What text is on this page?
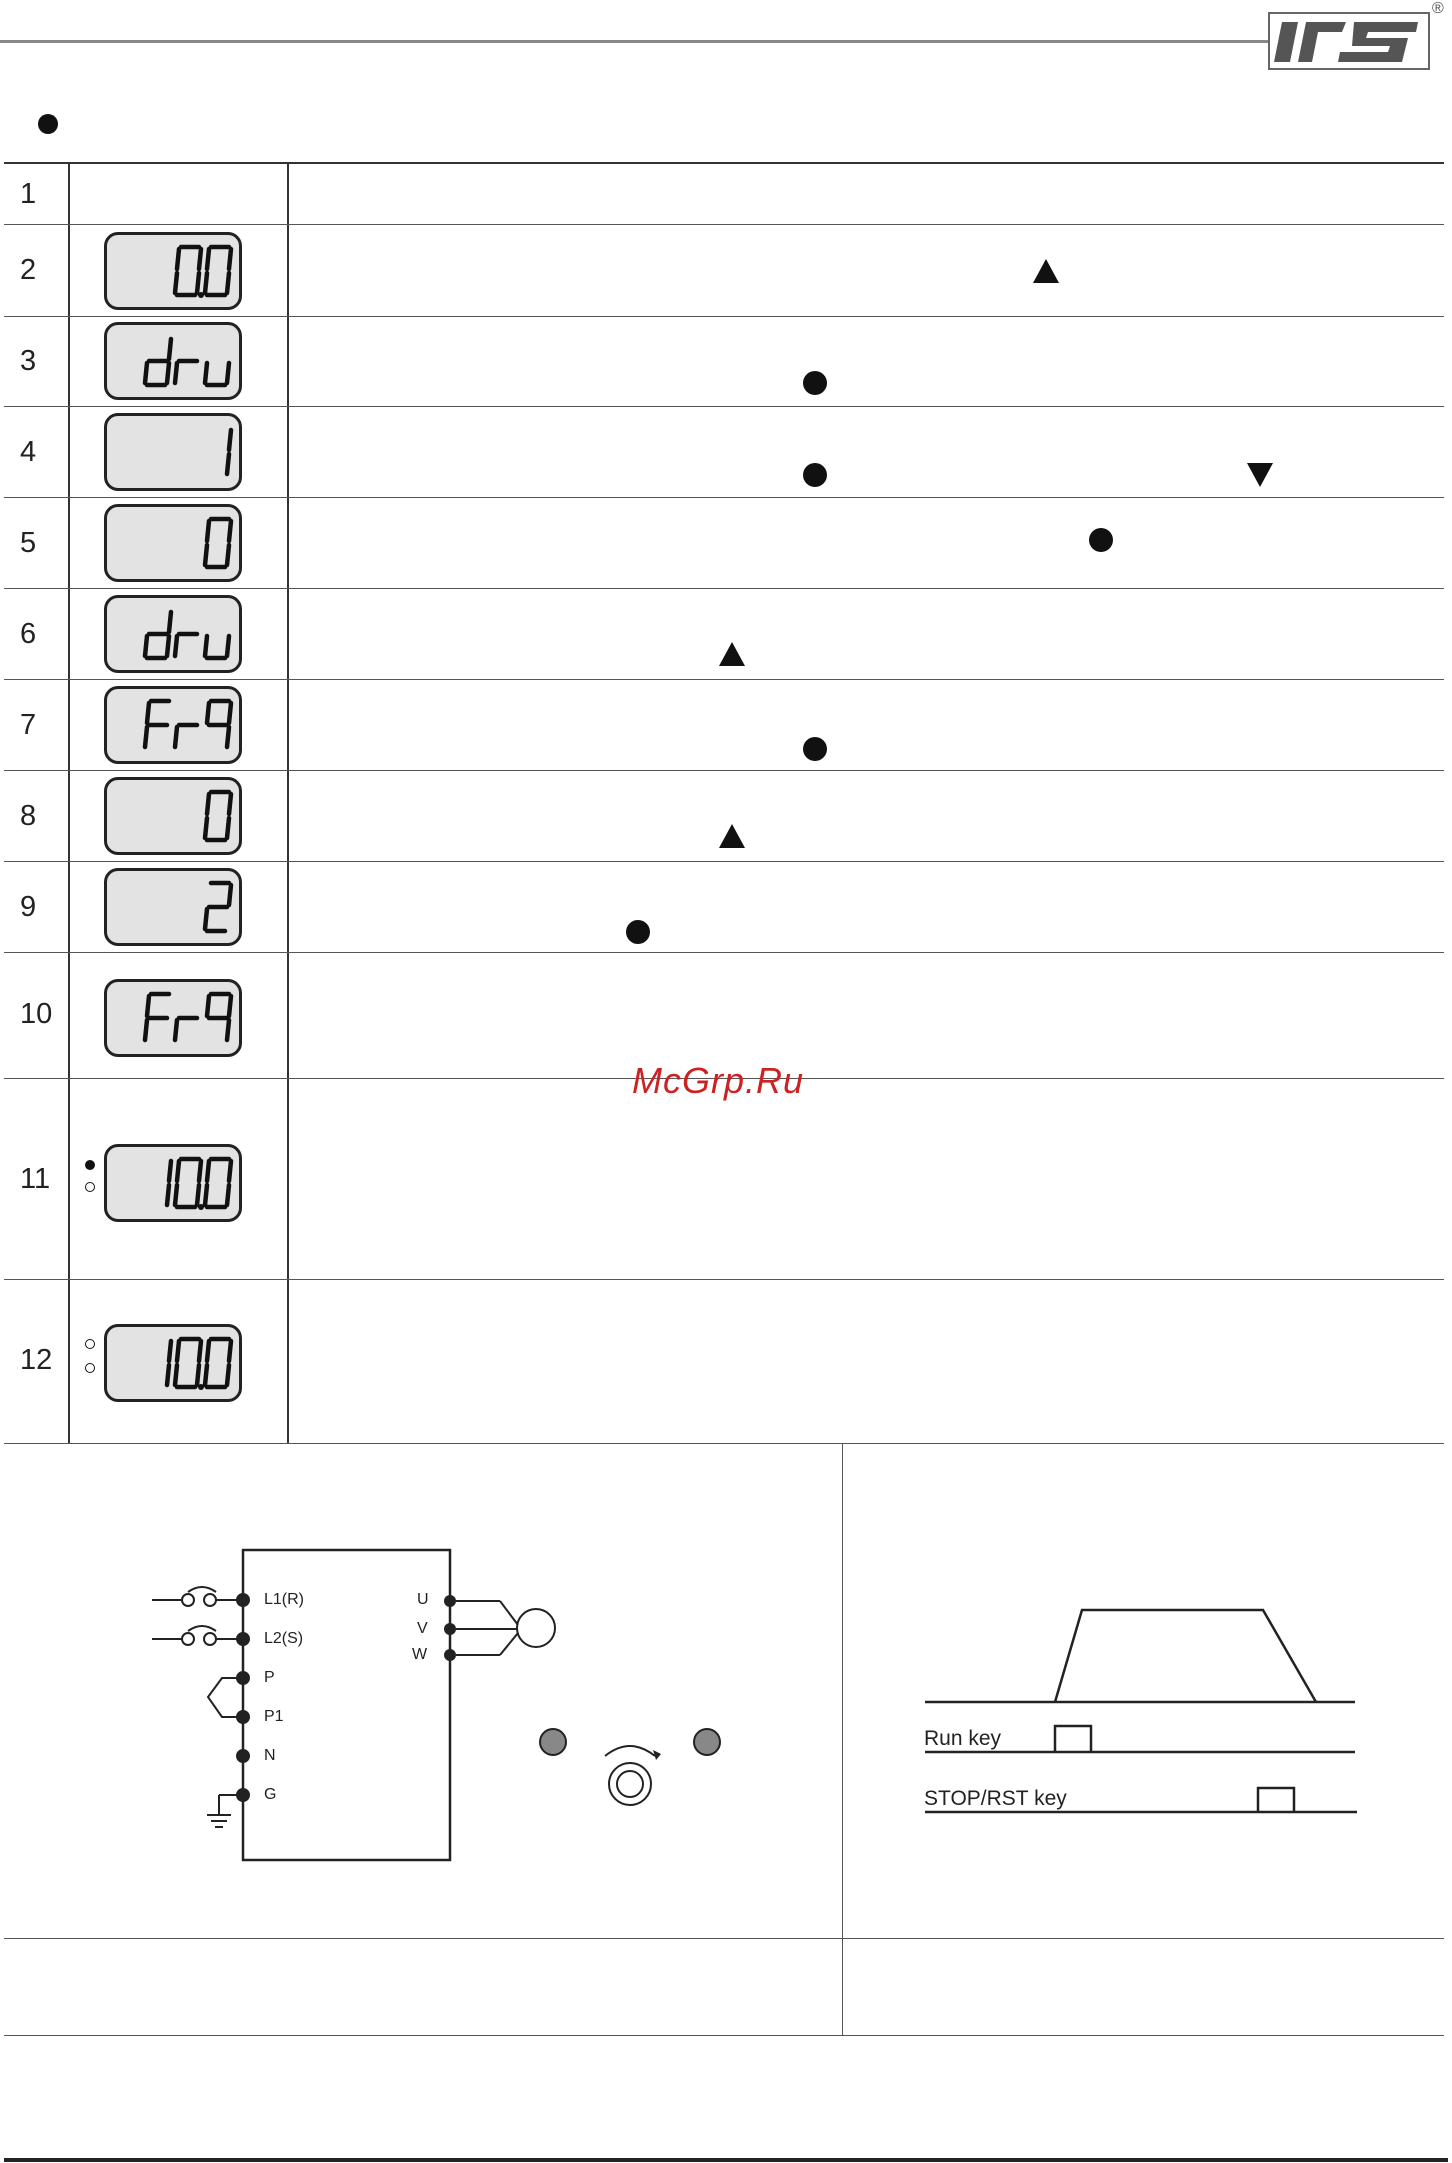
®
1
2
3
4
5
6
7
8
9
10
11
12
McGrp.Ru
L1(R)
L2(S)
P
P1
N
G
U
V
W
Run key
STOP/RST key
